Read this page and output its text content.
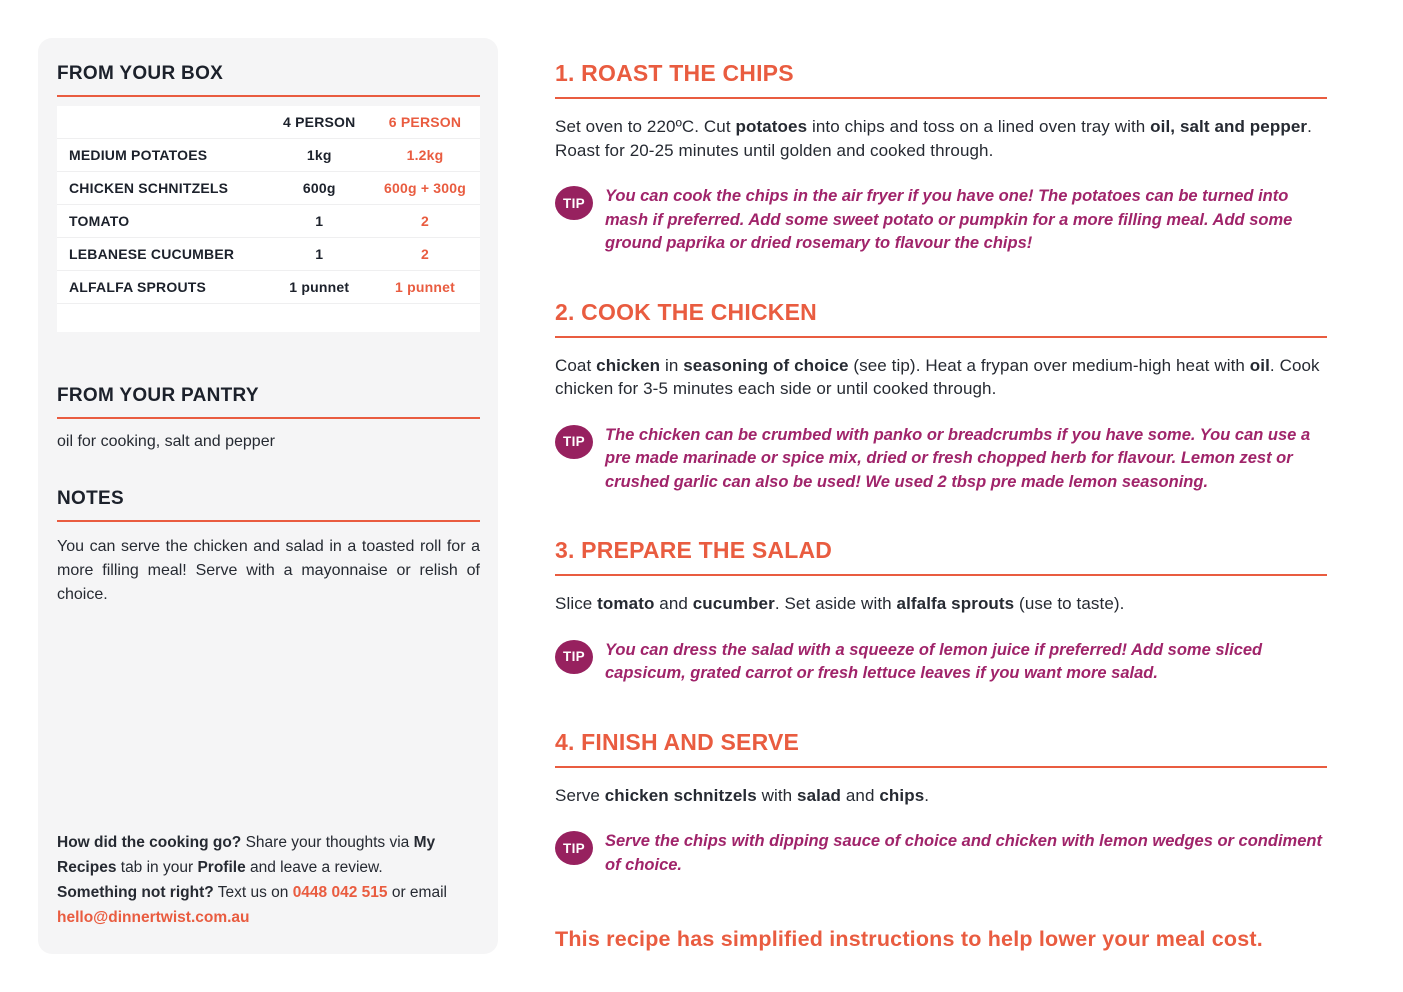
FROM YOUR BOX
	4 PERSON	6 PERSON
MEDIUM POTATOES	1kg	1.2kg
CHICKEN SCHNITZELS	600g	600g + 300g
TOMATO	1	2
LEBANESE CUCUMBER	1	2
ALFALFA SPROUTS	1 punnet	1 punnet

FROM YOUR PANTRY

oil for cooking, salt and pepper

NOTES

You can serve the chicken and salad in a toasted roll for a more filling meal! Serve with a mayonnaise or relish of choice.

How did the cooking go? Share your thoughts via My Recipes tab in your Profile and leave a review.
Something not right? Text us on 0448 042 515 or email hello@dinnertwist.com.au

1. ROAST THE CHIPS

Set oven to 220ºC. Cut potatoes into chips and toss on a lined oven tray with oil, salt and pepper. Roast for 20-25 minutes until golden and cooked through.

TIP	You can cook the chips in the air fryer if you have one! The potatoes can be turned into mash if preferred. Add some sweet potato or pumpkin for a more filling meal. Add some ground paprika or dried rosemary to flavour the chips!

2. COOK THE CHICKEN

Coat chicken in seasoning of choice (see tip). Heat a frypan over medium-high heat with oil. Cook chicken for 3-5 minutes each side or until cooked through.

TIP	The chicken can be crumbed with panko or breadcrumbs if you have some. You can use a pre made marinade or spice mix, dried or fresh chopped herb for flavour. Lemon zest or crushed garlic can also be used! We used 2 tbsp pre made lemon seasoning.

3. PREPARE THE SALAD

Slice tomato and cucumber. Set aside with alfalfa sprouts (use to taste).

TIP	You can dress the salad with a squeeze of lemon juice if preferred! Add some sliced capsicum, grated carrot or fresh lettuce leaves if you want more salad.

4. FINISH AND SERVE

Serve chicken schnitzels with salad and chips.

TIP	Serve the chips with dipping sauce of choice and chicken with lemon wedges or condiment of choice.

This recipe has simplified instructions to help lower your meal cost.
